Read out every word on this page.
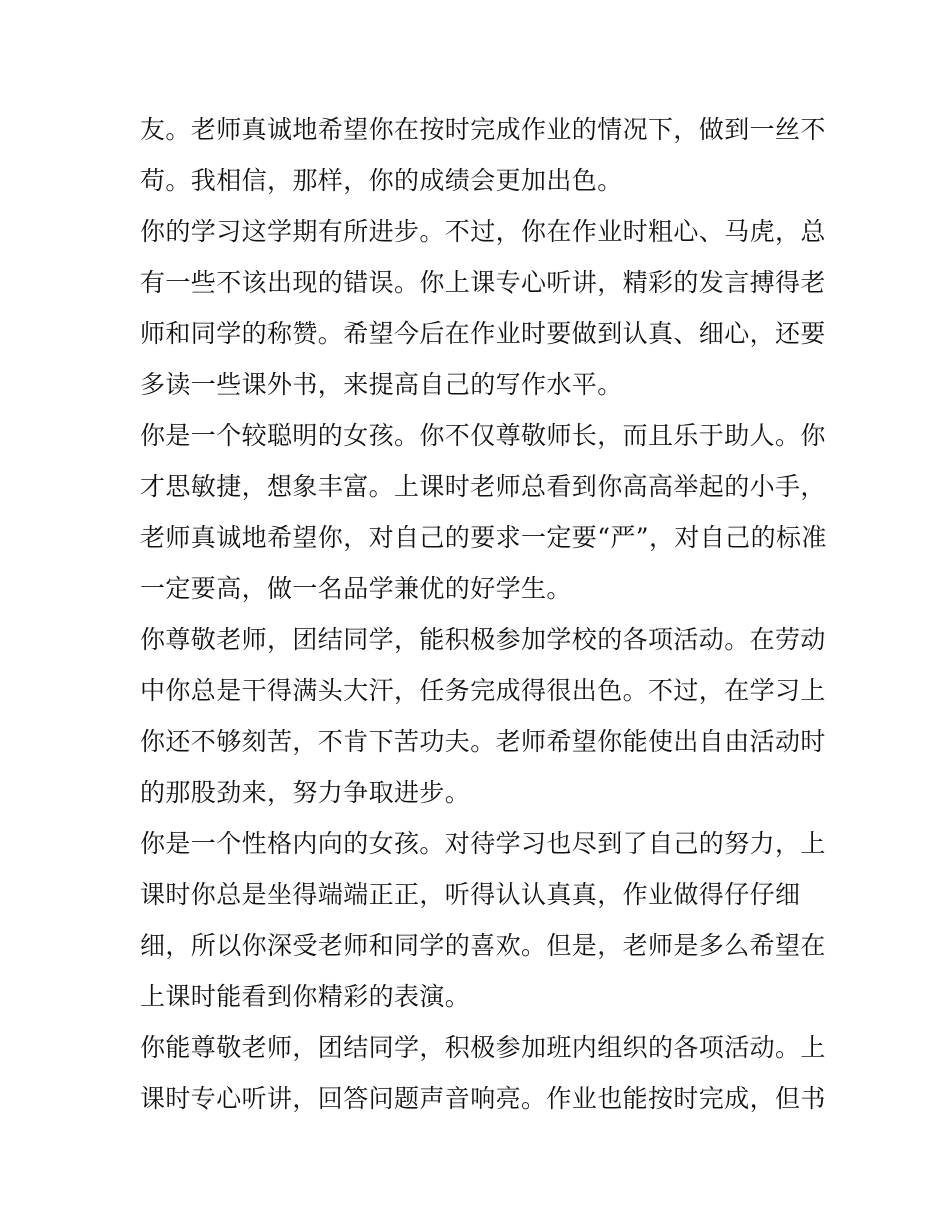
友。老师真诚地希望你在按时完成作业的情况下，做到一丝不
苟。我相信，那样，你的成绩会更加出色。
你的学习这学期有所进步。不过，你在作业时粗心、马虎，总
有一些不该出现的错误。你上课专心听讲，精彩的发言搏得老
师和同学的称赞。希望今后在作业时要做到认真、细心，还要
多读一些课外书，来提高自己的写作水平。
你是一个较聪明的女孩。你不仅尊敬师长，而且乐于助人。你
才思敏捷，想象丰富。上课时老师总看到你高高举起的小手，
老师真诚地希望你，对自己的要求一定要“严”，对自己的标准
一定要高，做一名品学兼优的好学生。
你尊敬老师，团结同学，能积极参加学校的各项活动。在劳动
中你总是干得满头大汗，任务完成得很出色。不过，在学习上
你还不够刻苦，不肯下苦功夫。老师希望你能使出自由活动时
的那股劲来，努力争取进步。
你是一个性格内向的女孩。对待学习也尽到了自己的努力，上
课时你总是坐得端端正正，听得认认真真，作业做得仔仔细
细，所以你深受老师和同学的喜欢。但是，老师是多么希望在
上课时能看到你精彩的表演。
你能尊敬老师，团结同学，积极参加班内组织的各项活动。上
课时专心听讲，回答问题声音响亮。作业也能按时完成，但书
